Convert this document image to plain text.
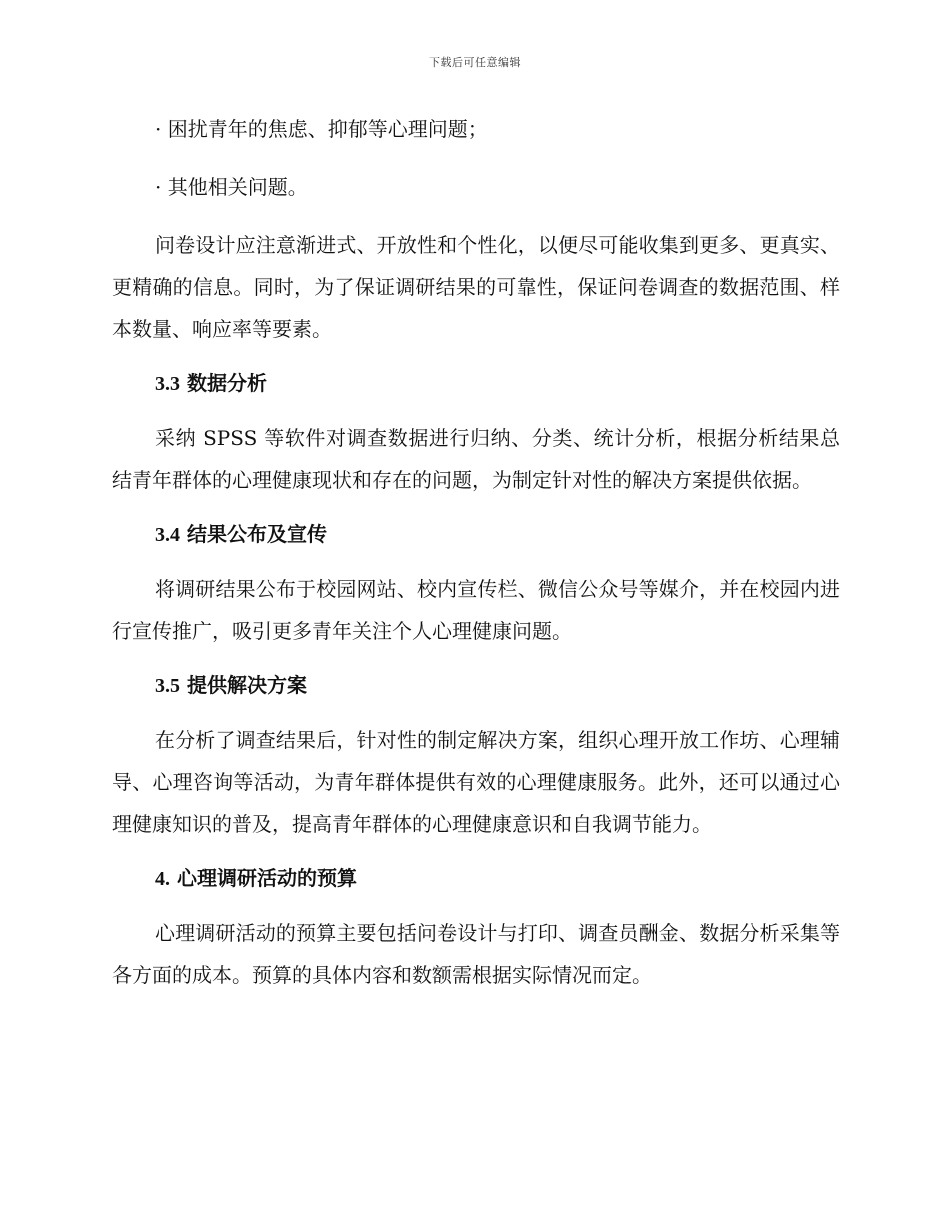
下载后可任意编辑
· 困扰青年的焦虑、抑郁等心理问题；
· 其他相关问题。
问卷设计应注意渐进式、开放性和个性化，以便尽可能收集到更多、更真实、更精确的信息。同时，为了保证调研结果的可靠性，保证问卷调查的数据范围、样本数量、响应率等要素。
3.3 数据分析
采纳 SPSS 等软件对调查数据进行归纳、分类、统计分析，根据分析结果总结青年群体的心理健康现状和存在的问题，为制定针对性的解决方案提供依据。
3.4 结果公布及宣传
将调研结果公布于校园网站、校内宣传栏、微信公众号等媒介，并在校园内进行宣传推广，吸引更多青年关注个人心理健康问题。
3.5 提供解决方案
在分析了调查结果后，针对性的制定解决方案，组织心理开放工作坊、心理辅导、心理咨询等活动，为青年群体提供有效的心理健康服务。此外，还可以通过心理健康知识的普及，提高青年群体的心理健康意识和自我调节能力。
4. 心理调研活动的预算
心理调研活动的预算主要包括问卷设计与打印、调查员酬金、数据分析采集等各方面的成本。预算的具体内容和数额需根据实际情况而定。
